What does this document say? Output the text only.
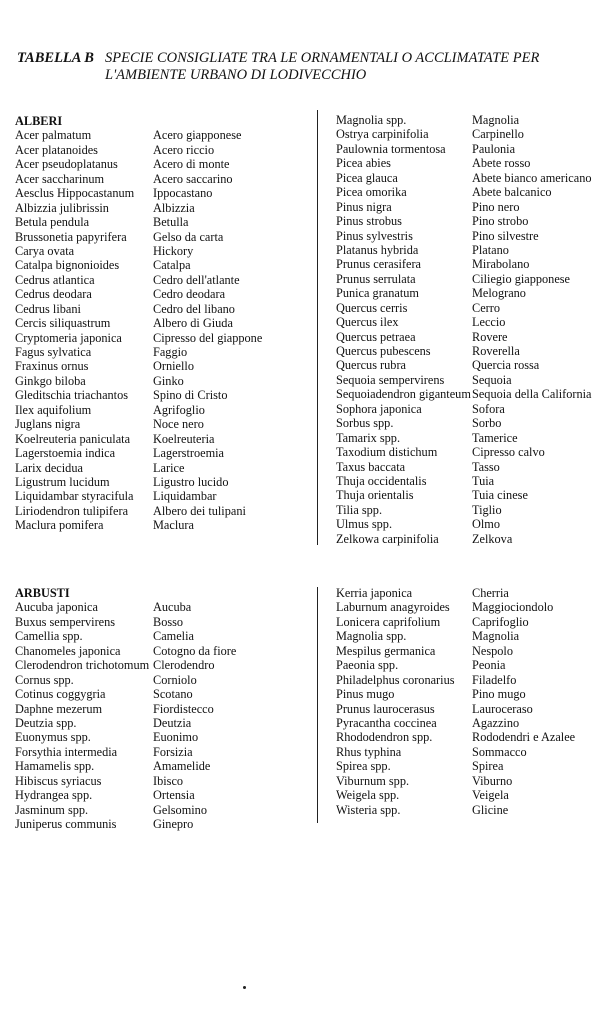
TABELLA B SPECIE CONSIGLIATE TRA LE ORNAMENTALI O ACCLIMATATE PER
L'AMBIENTE URBANO DI LODIVECCHIO
ALBERI
Acer palmatum	Acero giapponese
Acer platanoides	Acero riccio
Acer pseudoplatanus	Acero di monte
Acer saccharinum	Acero saccarino
Aesclus Hippocastanum Ippocastano
Albizzia julibrissin	Albizzia
Betula pendula	Betulla
Brussonetia papyrifera Gelso da carta
Carya ovata	Hickory
Catalpa bignonioides	Catalpa
Cedrus atlantica	Cedro dell'atlante
Cedrus deodara	Cedro deodara
Cedrus libani	Cedro del libano
Cercis siliquastrum	Albero di Giuda
Cryptomeria japonica	Cipresso del giappone
Fagus sylvatica	Faggio
Fraxinus ornus	Orniello
Ginkgo biloba	Ginko
Gleditschia triachantos Spino di Cristo
Ilex aquifolium	Agrifoglio
Juglans nigra	Noce nero
Koelreuteria paniculata Koelreuteria
Lagerstoemia indica	Lagerstroemia
Larix decidua	Larice
Ligustrum lucidum	Ligustro lucido
Liquidambar styracifula Liquidambar
Liriodendron tulipifera Albero dei tulipani
Maclura pomifera	Maclura
Magnolia spp.	Magnolia
Ostrya carpinifolia	Carpinello
Paulownia tormentosa Paulonia
Picea abies	Abete rosso
Picea glauca	Abete bianco americano
Picea omorika	Abete balcanico
Pinus nigra	Pino nero
Pinus strobus	Pino strobo
Pinus sylvestris	Pino silvestre
Platanus hybrida	Platano
Prunus cerasifera	Mirabolano
Prunus serrulata	Ciliegio giapponese
Punica granatum	Melograno
Quercus cerris	Cerro
Quercus ilex	Leccio
Quercus petraea	Rovere
Quercus pubescens	Roverella
Quercus rubra	Quercia rossa
Sequoia sempervirens Sequoia
Sequoiadendron giganteum Sequoia della California
Sophora japonica	Sofora
Sorbus spp.	Sorbo
Tamarix spp.	Tamerice
Taxodium distichum	Cipresso calvo
Taxus baccata	Tasso
Thuja occidentalis	Tuia
Thuja orientalis	Tuia cinese
Tilia spp.	Tiglio
Ulmus spp.	Olmo
Zelkowa carpinifolia	Zelkova
ARBUSTI
Aucuba japonica	Aucuba
Buxus sempervirens	Bosso
Camellia spp.	Camelia
Chanomeles japonica	Cotogno da fiore
Clerodendron trichotomum Clerodendro
Cornus spp.	Corniolo
Cotinus coggygria	Scotano
Daphne mezerum	Fiordistecco
Deutzia spp.	Deutzia
Euonymus spp.	Euonimo
Forsythia intermedia	Forsizia
Hamamelis spp.	Amamelide
Hibiscus syriacus	Ibisco
Hydrangea spp.	Ortensia
Jasminum spp.	Gelsomino
Juniperus communis	Ginepro
Kerria japonica	Cherria
Laburnum anagyroides Maggiociondolo
Lonicera caprifolium	Caprifoglio
Magnolia spp.	Magnolia
Mespilus germanica	Nespolo
Paeonia spp.	Peonia
Philadelphus coronarius Filadelfo
Pinus mugo	Pino mugo
Prunus laurocerasus	Lauroceraso
Pyracantha coccinea	Agazzino
Rhododendron spp.	Rododendri e Azalee
Rhus typhina	Sommacco
Spirea spp.	Spirea
Viburnum spp.	Viburno
Weigela spp.	Veigela
Wisteria spp.	Glicine
